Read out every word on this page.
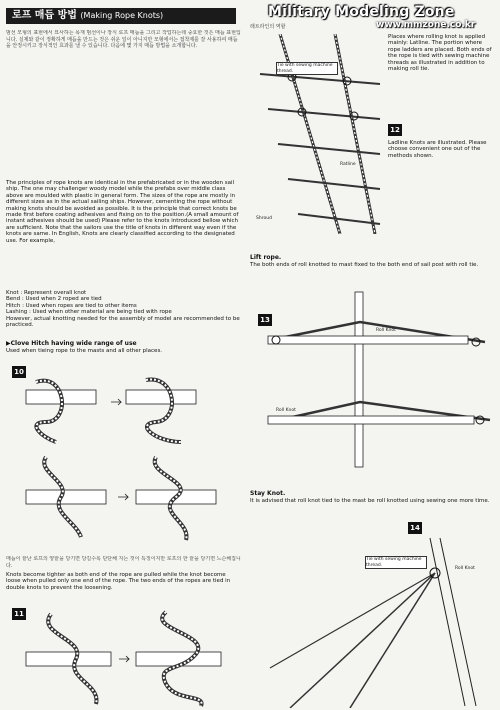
로프 매듭 방법 (Making Rope Knots)	Military Modeling Zone
www.mmzone.co.kr
범선 모형의 표현에서 묘사하는 목재 범선이나 장식 로프 매듭을 그리고 작업하는데 중요한 것은 매듭 표현입니다. 실제와 같이 정확하게 매듭을 만드는 것은 쉬운 일이 아니지만 모형에서는 접착제를 잘 사용하여 매듭을 안정시키고 장식적인 효과를 낼 수 있습니다. 다음에 몇 가지 매듭 방법을 소개합니다.
The principles of rope knots are identical in the prefabricated or in the wooden sail ship. The one may challenger woody model while the prefabs over middle class above are moulded with plastic in general form. The sizes of the rope are mostly in different sizes as in the actual sailing ships. However, cementing the rope without making knots should be avoided as possible. It is the principle that correct knots be made first before coating adhesives and fixing on to the position.(A small amount of instant adhesives should be used) Please refer to the knots introduced bellow which are sufficient. Note that the sailors use the title of knots in different way even if the knots are same. In English, Knots are clearly classified according to the designated use. For example,
Knot : Represent overall knot
Bend : Used when 2 roped are tied
Hitch : Used when ropes are tied to other items
Lashing : Used when other material are being tied with rope
However, actual knotting needed for the assembly of model are recommended to be practiced.
▶Clove Hitch having wide range of use
Used when tieing rope to the masts and all other places.
10
매듭이 끝난 로프의 양끝을 당기면 당길수록 단단해 지는 것이 특징이지만 로프의 한 끝을 당기면 느슨해집니다.
Knots become tighter as both end of the rope are pulled while the knot become loose when pulled only one end of the rope. The two ends of the ropes are tied in double knots to prevent the loosening.
11
래트라인의 역할
Places where rolling knot is applied mainly: Latline. The portion where rope ladders are placed. Both ends of the rope is tied with sewing machine threads as illustrated in addition to making roll tie.
Tie with sewing machine thread.
Shroud
Ratline
12
Ladline Knots are illustrated. Please choose convenient one out of the methods shown.
Lift rope.
The both ends of roll knotted to mast fixed to the both end of sail post with roll tie.
13
Roll Knot
Roll Knot
Stay Knot.
It is advised that roll knot tied to the mast be roll knotted using sewing one more time.
14
Tie with sewing machine thread.
Roll Knot
